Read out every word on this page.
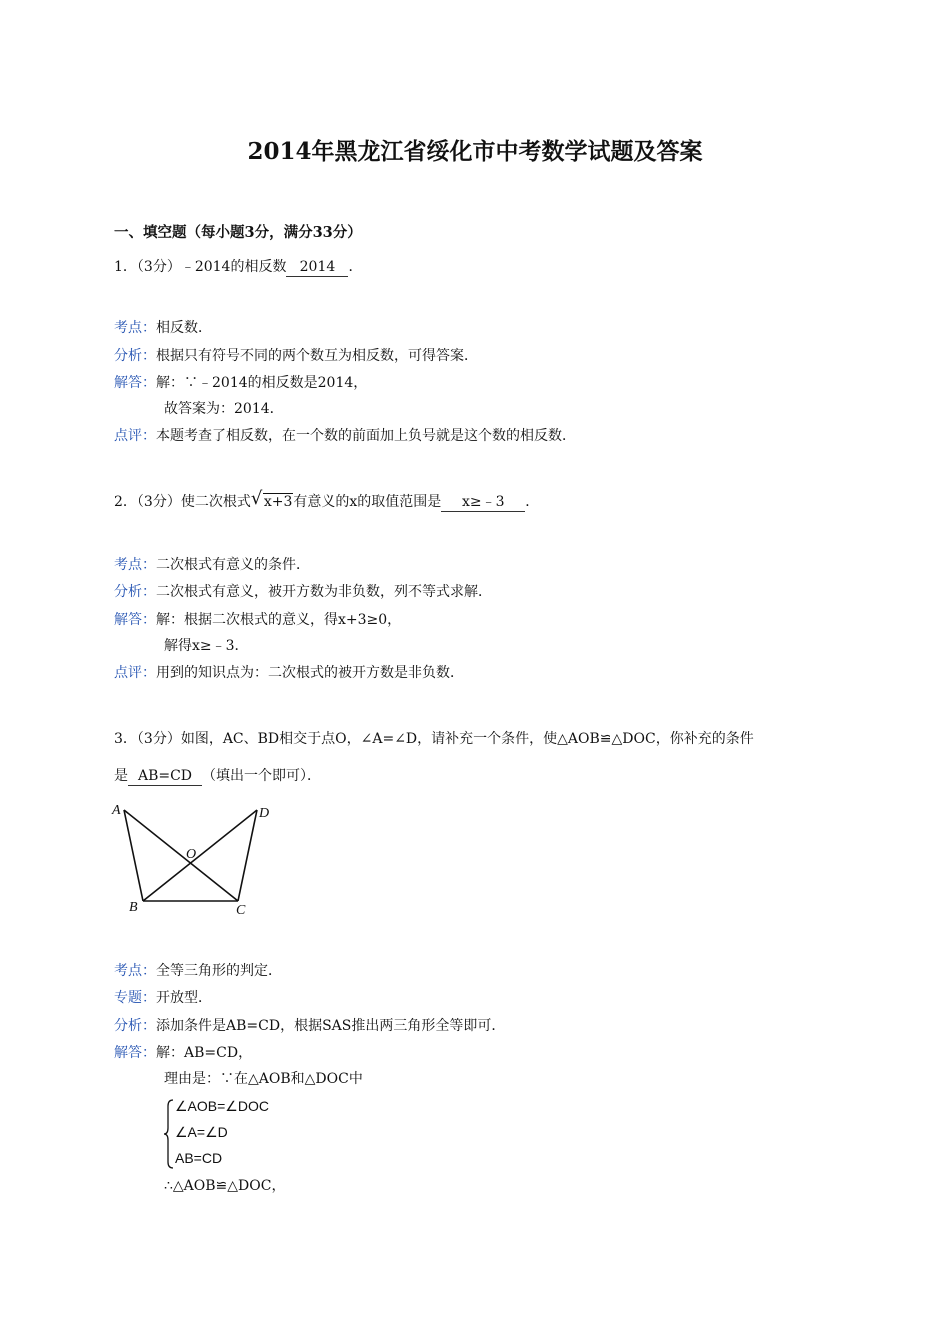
2014年黑龙江省绥化市中考数学试题及答案
一、填空题（每小题3分，满分33分）
1．（3分）﹣2014的相反数 2014 ．
考点：相反数．
分析：根据只有符号不同的两个数互为相反数，可得答案．
解答：解：∵﹣2014的相反数是2014，
故答案为：2014．
点评：本题考查了相反数，在一个数的前面加上负号就是这个数的相反数．
2．（3分）使二次根式 √ x+3有意义的x的取值范围是 x≥﹣3 ．
考点：二次根式有意义的条件．
分析：二次根式有意义，被开方数为非负数，列不等式求解．
解答：解：根据二次根式的意义，得x+3≥0，
解得x≥﹣3．
点评：用到的知识点为：二次根式的被开方数是非负数．
3．（3分）如图，AC、BD相交于点O，∠A=∠D，请补充一个条件，使△AOB≌△DOC，你补充的条件
是 AB=CD （填出一个即可）．
A
B	C
D
O
考点：全等三角形的判定．
专题：开放型．
分析：添加条件是AB=CD，根据SAS推出两三角形全等即可．
解答：解：AB=CD，
理由是：∵在△AOB和△DOC中
∠AOB=∠DOC
∠A=∠D
AB=CD
∴△AOB≌△DOC，
